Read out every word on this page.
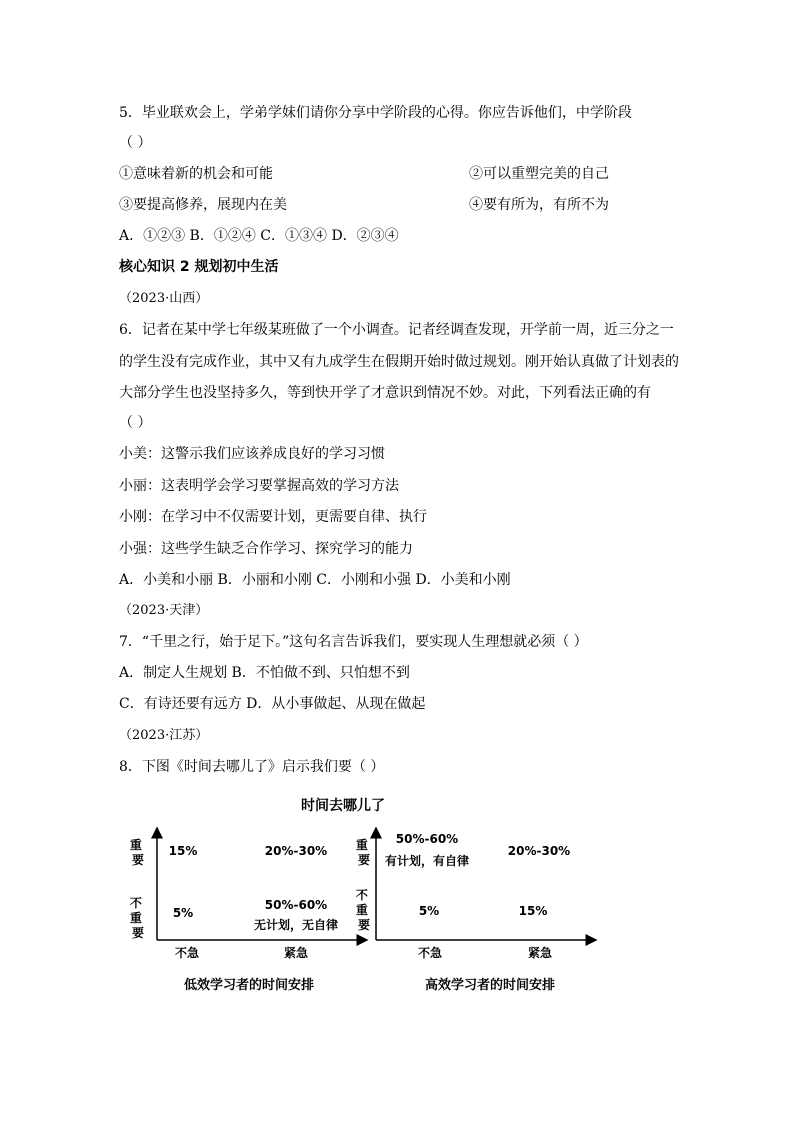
5．毕业联欢会上，学弟学妹们请你分享中学阶段的心得。你应告诉他们，中学阶段
（ ）
①意味着新的机会和可能	②可以重塑完美的自己
③要提高修养，展现内在美	④要有所为，有所不为
A．①②③ B．①②④ C．①③④ D．②③④
核心知识 2 规划初中生活
（2023·山西）
6．记者在某中学七年级某班做了一个小调查。记者经调查发现，开学前一周，近三分之一
的学生没有完成作业，其中又有九成学生在假期开始时做过规划。刚开始认真做了计划表的
大部分学生也没坚持多久，等到快开学了才意识到情况不妙。对此，下列看法正确的有
（ ）
小美：这警示我们应该养成良好的学习习惯
小丽：这表明学会学习要掌握高效的学习方法
小刚：在学习中不仅需要计划，更需要自律、执行
小强：这些学生缺乏合作学习、探究学习的能力
A．小美和小丽 B．小丽和小刚 C．小刚和小强 D．小美和小刚
（2023·天津）
7．“千里之行，始于足下。”这句名言告诉我们，要实现人生理想就必须（ ）
A．制定人生规划 B．不怕做不到、只怕想不到
C．有诗还要有远方 D．从小事做起、从现在做起
（2023·江苏）
8．下图《时间去哪儿了》启示我们要（ ）
时间去哪儿了
重 要
不 重 要
15%	20%-30%
5%
50%-60%
无计划，无自律
不急	紧急
低效学习者的时间安排
重 要
不 重 要
50%-60%
有计划，有自律
20%-30%
5%	15%
不急	紧急
高效学习者的时间安排
